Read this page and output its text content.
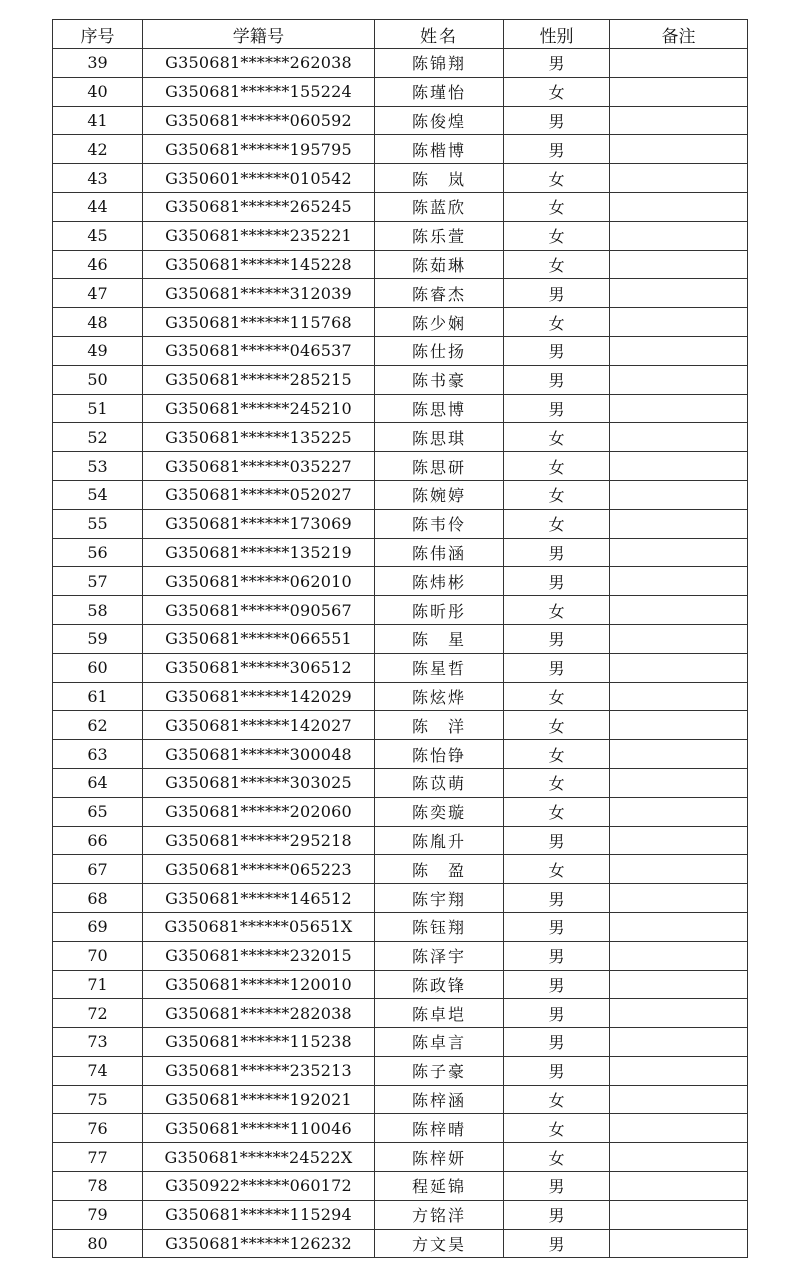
序号	学籍号	姓名	性别	备注
39	G350681******262038	陈锦翔	男	
40	G350681******155224	陈瑾怡	女	
41	G350681******060592	陈俊煌	男	
42	G350681******195795	陈楷博	男	
43	G350601******010542	陈　岚	女	
44	G350681******265245	陈蓝欣	女	
45	G350681******235221	陈乐萱	女	
46	G350681******145228	陈茹琳	女	
47	G350681******312039	陈睿杰	男	
48	G350681******115768	陈少娴	女	
49	G350681******046537	陈仕扬	男	
50	G350681******285215	陈书豪	男	
51	G350681******245210	陈思博	男	
52	G350681******135225	陈思琪	女	
53	G350681******035227	陈思研	女	
54	G350681******052027	陈婉婷	女	
55	G350681******173069	陈韦伶	女	
56	G350681******135219	陈伟涵	男	
57	G350681******062010	陈炜彬	男	
58	G350681******090567	陈昕彤	女	
59	G350681******066551	陈　星	男	
60	G350681******306512	陈星哲	男	
61	G350681******142029	陈炫烨	女	
62	G350681******142027	陈　洋	女	
63	G350681******300048	陈怡铮	女	
64	G350681******303025	陈苡萌	女	
65	G350681******202060	陈奕璇	女	
66	G350681******295218	陈胤升	男	
67	G350681******065223	陈　盈	女	
68	G350681******146512	陈宇翔	男	
69	G350681******05651X	陈钰翔	男	
70	G350681******232015	陈泽宇	男	
71	G350681******120010	陈政锋	男	
72	G350681******282038	陈卓垲	男	
73	G350681******115238	陈卓言	男	
74	G350681******235213	陈子豪	男	
75	G350681******192021	陈梓涵	女	
76	G350681******110046	陈梓晴	女	
77	G350681******24522X	陈梓妍	女	
78	G350922******060172	程延锦	男	
79	G350681******115294	方铭洋	男	
80	G350681******126232	方文昊	男	
